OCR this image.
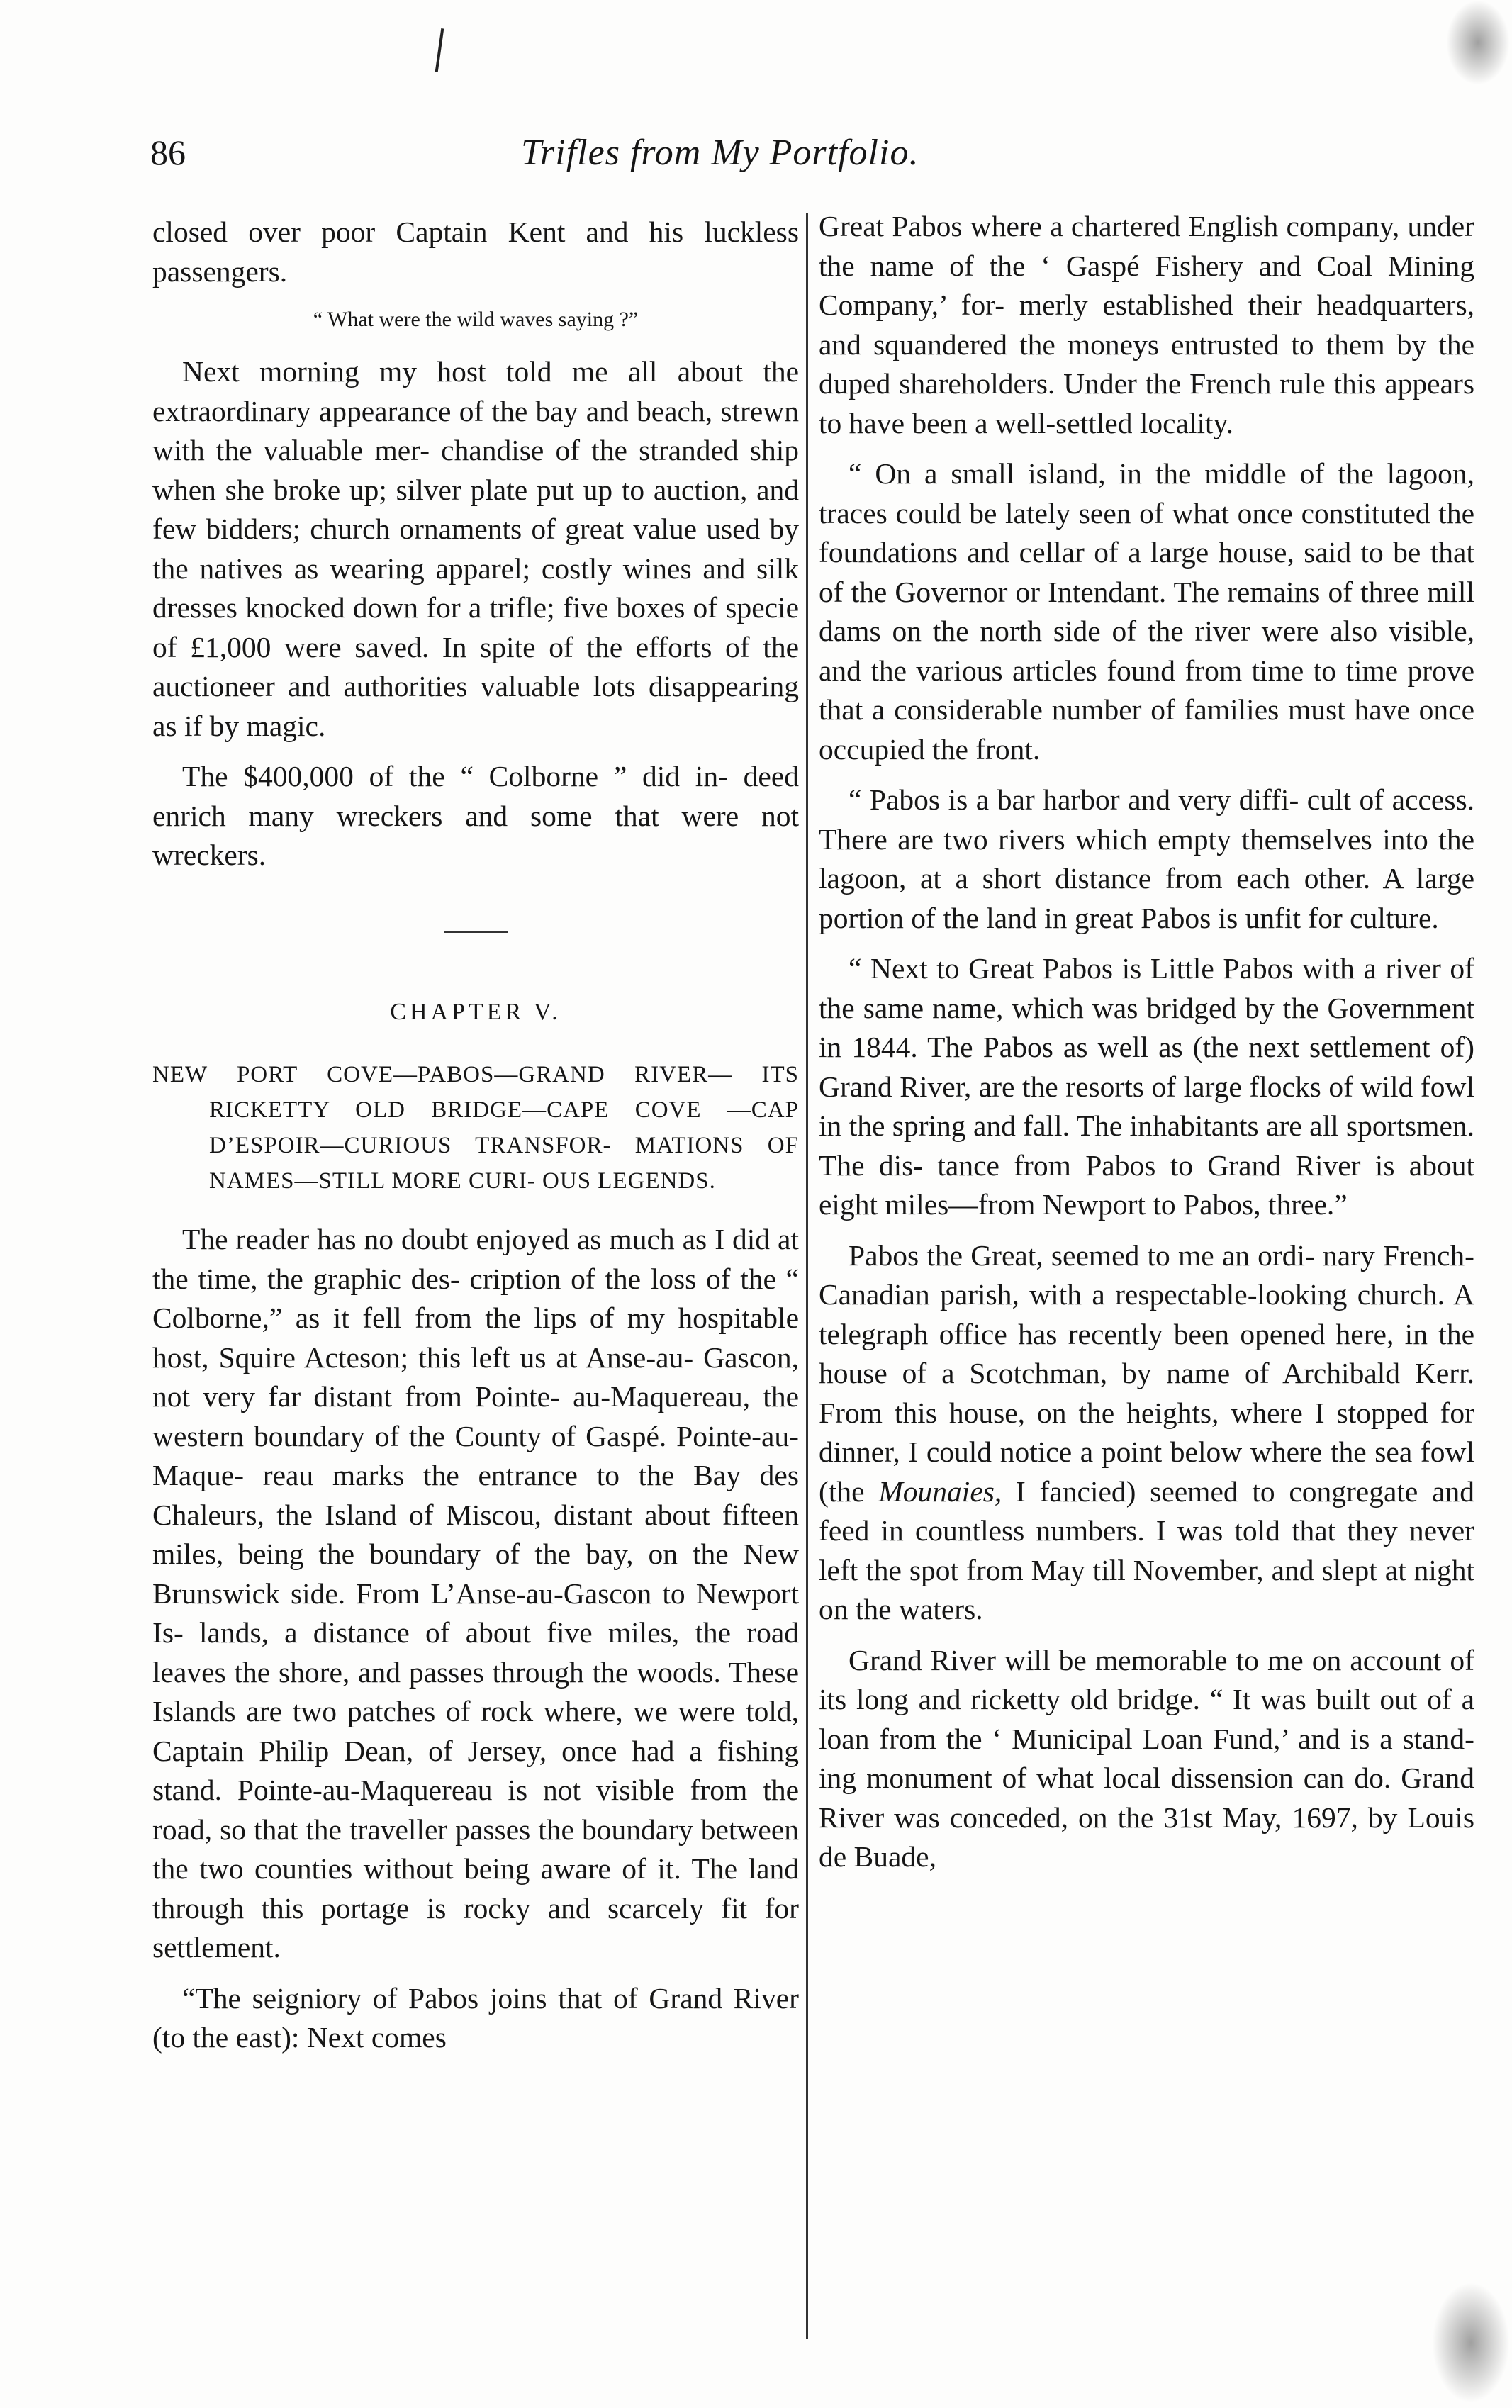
86	Trifles from My Portfolio.

closed over poor Captain Kent and his luckless passengers.

“ What were the wild waves saying ?”

Next morning my host told me all about the extraordinary appearance of the bay and beach, strewn with the valuable mer- chandise of the stranded ship when she broke up; silver plate put up to auction, and few bidders; church ornaments of great value used by the natives as wearing apparel; costly wines and silk dresses knocked down for a trifle; five boxes of specie of £1,000 were saved. In spite of the efforts of the auctioneer and authorities valuable lots disappearing as if by magic.

The $400,000 of the “ Colborne ” did in- deed enrich many wreckers and some that were not wreckers.

CHAPTER V.

NEW PORT COVE—PABOS—GRAND RIVER— ITS RICKETTY OLD BRIDGE—CAPE COVE —CAP D’ESPOIR—CURIOUS TRANSFOR- MATIONS OF NAMES—STILL MORE CURI- OUS LEGENDS.

The reader has no doubt enjoyed as much as I did at the time, the graphic des- cription of the loss of the “ Colborne,” as it fell from the lips of my hospitable host, Squire Acteson; this left us at Anse-au- Gascon, not very far distant from Pointe- au-Maquereau, the western boundary of the County of Gaspé. Pointe-au-Maque- reau marks the entrance to the Bay des Chaleurs, the Island of Miscou, distant about fifteen miles, being the boundary of the bay, on the New Brunswick side. From L’Anse-au-Gascon to Newport Is- lands, a distance of about five miles, the road leaves the shore, and passes through the woods. These Islands are two patches of rock where, we were told, Captain Philip Dean, of Jersey, once had a fishing stand. Pointe-au-Maquereau is not visible from the road, so that the traveller passes the boundary between the two counties without being aware of it. The land through this portage is rocky and scarcely fit for settlement.

“The seigniory of Pabos joins that of Grand River (to the east): Next comes

Great Pabos where a chartered English company, under the name of the ‘ Gaspé Fishery and Coal Mining Company,’ for- merly established their headquarters, and squandered the moneys entrusted to them by the duped shareholders. Under the French rule this appears to have been a well-settled locality.

“ On a small island, in the middle of the lagoon, traces could be lately seen of what once constituted the foundations and cellar of a large house, said to be that of the Governor or Intendant. The remains of three mill dams on the north side of the river were also visible, and the various articles found from time to time prove that a considerable number of families must have once occupied the front.

“ Pabos is a bar harbor and very diffi- cult of access. There are two rivers which empty themselves into the lagoon, at a short distance from each other. A large portion of the land in great Pabos is unfit for culture.

“ Next to Great Pabos is Little Pabos with a river of the same name, which was bridged by the Government in 1844. The Pabos as well as (the next settlement of) Grand River, are the resorts of large flocks of wild fowl in the spring and fall. The inhabitants are all sportsmen. The dis- tance from Pabos to Grand River is about eight miles—from Newport to Pabos, three.”

Pabos the Great, seemed to me an ordi- nary French-Canadian parish, with a respectable-looking church. A telegraph office has recently been opened here, in the house of a Scotchman, by name of Archibald Kerr. From this house, on the heights, where I stopped for dinner, I could notice a point below where the sea fowl (the Mounaies, I fancied) seemed to congregate and feed in countless numbers. I was told that they never left the spot from May till November, and slept at night on the waters.

Grand River will be memorable to me on account of its long and ricketty old bridge. “ It was built out of a loan from the ‘ Municipal Loan Fund,’ and is a stand- ing monument of what local dissension can do. Grand River was conceded, on the 31st May, 1697, by Louis de Buade,
